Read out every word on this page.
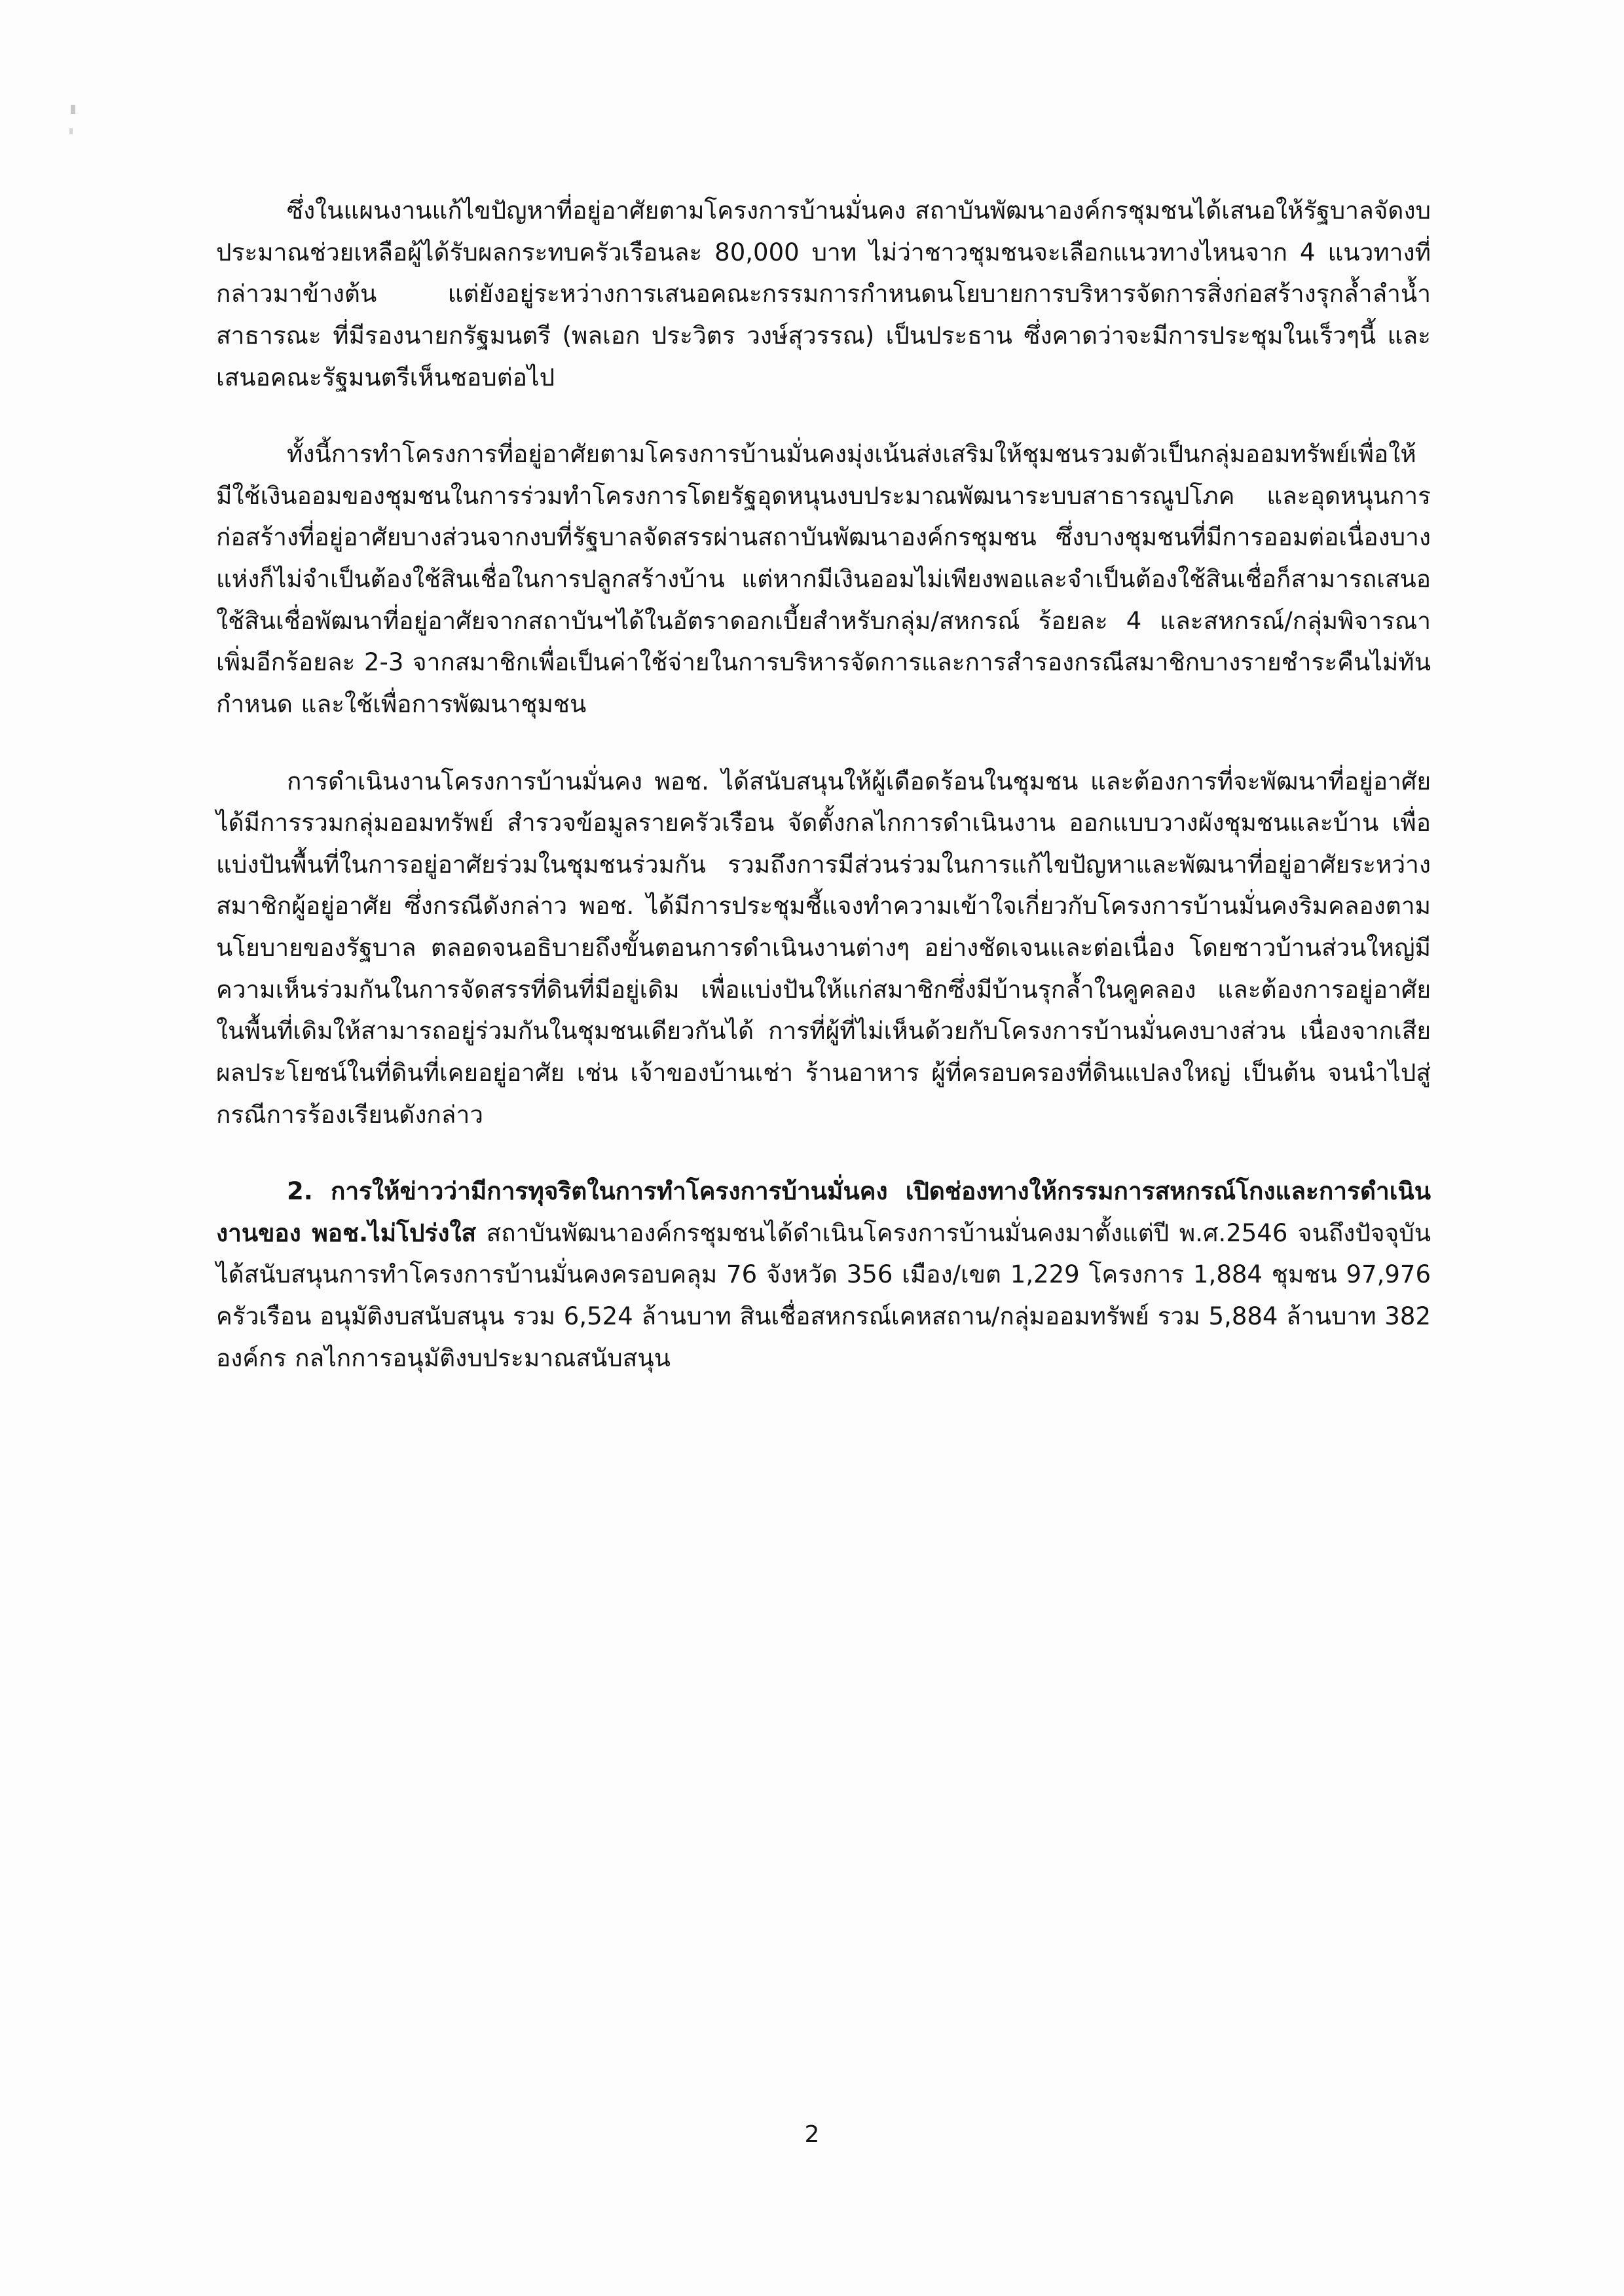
ซึ่งในแผนงานแก้ไขปัญหาที่อยู่อาศัยตามโครงการบ้านมั่นคง สถาบันพัฒนาองค์กรชุมชนได้เสนอให้รัฐบาลจัดงบประมาณช่วยเหลือผู้ได้รับผลกระทบครัวเรือนละ 80,000 บาท ไม่ว่าชาวชุมชนจะเลือกแนวทางไหนจาก 4 แนวทางที่กล่าวมาข้างต้น แต่ยังอยู่ระหว่างการเสนอคณะกรรมการกำหนดนโยบายการบริหารจัดการสิ่งก่อสร้างรุกล้ำลำน้ำสาธารณะ ที่มีรองนายกรัฐมนตรี (พลเอก ประวิตร วงษ์สุวรรณ) เป็นประธาน ซึ่งคาดว่าจะมีการประชุมในเร็วๆนี้ และเสนอคณะรัฐมนตรีเห็นชอบต่อไป

ทั้งนี้การทำโครงการที่อยู่อาศัยตามโครงการบ้านมั่นคงมุ่งเน้นส่งเสริมให้ชุมชนรวมตัวเป็นกลุ่มออมทรัพย์เพื่อให้มีใช้เงินออมของชุมชนในการร่วมทำโครงการโดยรัฐอุดหนุนงบประมาณพัฒนาระบบสาธารณูปโภค และอุดหนุนการก่อสร้างที่อยู่อาศัยบางส่วนจากงบที่รัฐบาลจัดสรรผ่านสถาบันพัฒนาองค์กรชุมชน ซึ่งบางชุมชนที่มีการออมต่อเนื่องบางแห่งก็ไม่จำเป็นต้องใช้สินเชื่อในการปลูกสร้างบ้าน แต่หากมีเงินออมไม่เพียงพอและจำเป็นต้องใช้สินเชื่อก็สามารถเสนอใช้สินเชื่อพัฒนาที่อยู่อาศัยจากสถาบันฯได้ในอัตราดอกเบี้ยสำหรับกลุ่ม/สหกรณ์ ร้อยละ 4 และสหกรณ์/กลุ่มพิจารณาเพิ่มอีกร้อยละ 2-3 จากสมาชิกเพื่อเป็นค่าใช้จ่ายในการบริหารจัดการและการสำรองกรณีสมาชิกบางรายชำระคืนไม่ทันกำหนด และใช้เพื่อการพัฒนาชุมชน

การดำเนินงานโครงการบ้านมั่นคง พอช. ได้สนับสนุนให้ผู้เดือดร้อนในชุมชน และต้องการที่จะพัฒนาที่อยู่อาศัยได้มีการรวมกลุ่มออมทรัพย์ สำรวจข้อมูลรายครัวเรือน จัดตั้งกลไกการดำเนินงาน ออกแบบวางผังชุมชนและบ้าน เพื่อแบ่งปันพื้นที่ในการอยู่อาศัยร่วมในชุมชนร่วมกัน รวมถึงการมีส่วนร่วมในการแก้ไขปัญหาและพัฒนาที่อยู่อาศัยระหว่างสมาชิกผู้อยู่อาศัย ซึ่งกรณีดังกล่าว พอช. ได้มีการประชุมชี้แจงทำความเข้าใจเกี่ยวกับโครงการบ้านมั่นคงริมคลองตามนโยบายของรัฐบาล ตลอดจนอธิบายถึงขั้นตอนการดำเนินงานต่างๆ อย่างชัดเจนและต่อเนื่อง โดยชาวบ้านส่วนใหญ่มีความเห็นร่วมกันในการจัดสรรที่ดินที่มีอยู่เดิม เพื่อแบ่งปันให้แก่สมาชิกซึ่งมีบ้านรุกล้ำในคูคลอง และต้องการอยู่อาศัยในพื้นที่เดิมให้สามารถอยู่ร่วมกันในชุมชนเดียวกันได้ การที่ผู้ที่ไม่เห็นด้วยกับโครงการบ้านมั่นคงบางส่วน เนื่องจากเสียผลประโยชน์ในที่ดินที่เคยอยู่อาศัย เช่น เจ้าของบ้านเช่า ร้านอาหาร ผู้ที่ครอบครองที่ดินแปลงใหญ่ เป็นต้น จนนำไปสู่กรณีการร้องเรียนดังกล่าว

2. การให้ข่าวว่ามีการทุจริตในการทำโครงการบ้านมั่นคง เปิดช่องทางให้กรรมการสหกรณ์โกงและการดำเนินงานของ พอช.ไม่โปร่งใส สถาบันพัฒนาองค์กรชุมชนได้ดำเนินโครงการบ้านมั่นคงมาตั้งแต่ปี พ.ศ.2546 จนถึงปัจจุบันได้สนับสนุนการทำโครงการบ้านมั่นคงครอบคลุม 76 จังหวัด 356 เมือง/เขต 1,229 โครงการ 1,884 ชุมชน 97,976 ครัวเรือน อนุมัติงบสนับสนุน รวม 6,524 ล้านบาท สินเชื่อสหกรณ์เคหสถาน/กลุ่มออมทรัพย์ รวม 5,884 ล้านบาท 382 องค์กร กลไกการอนุมัติงบประมาณสนับสนุน

2
